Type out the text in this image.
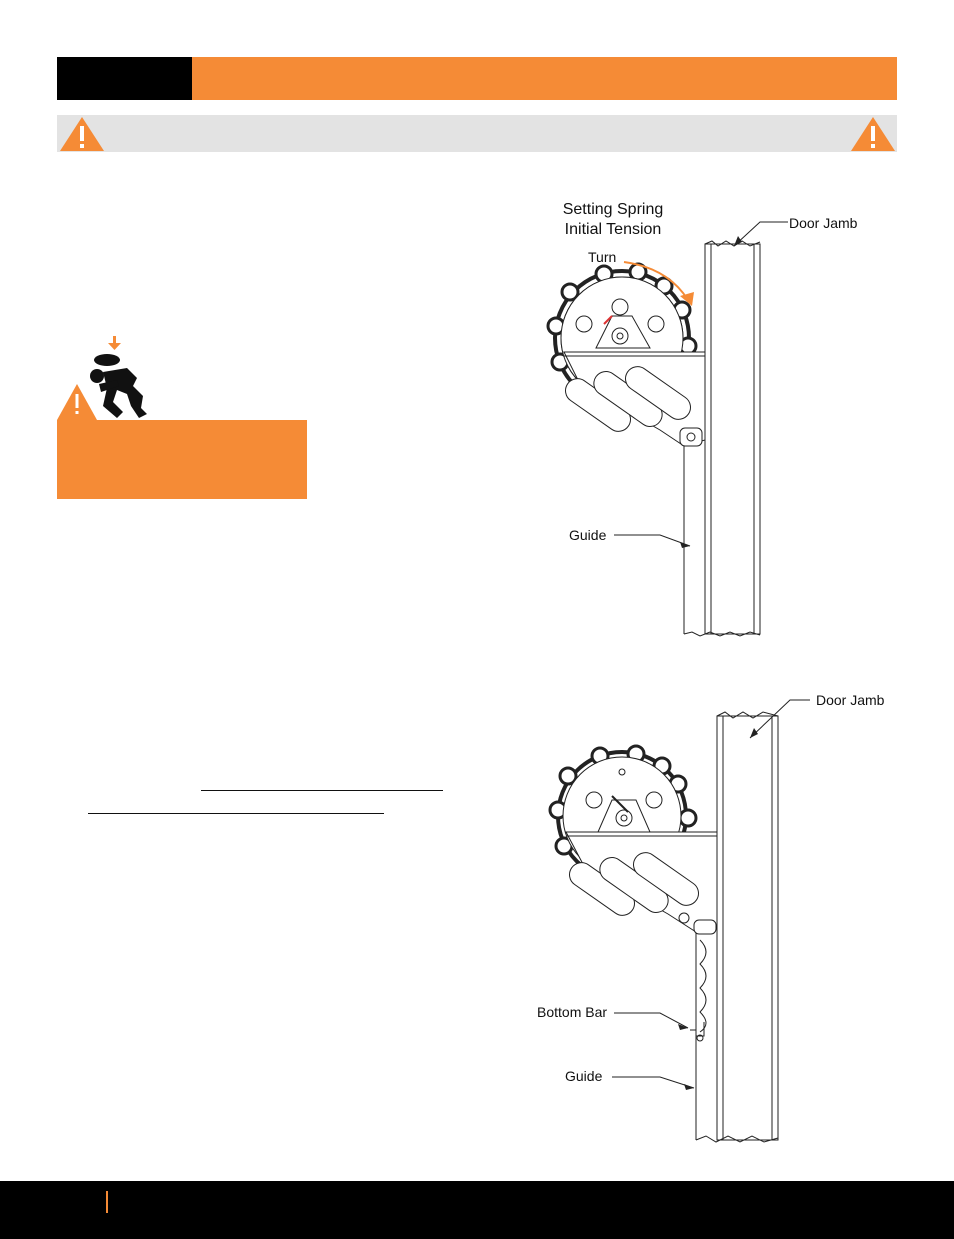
Setting Spring
Initial Tension
Turn
Door Jamb
Guide
Door Jamb
Bottom Bar
Guide
